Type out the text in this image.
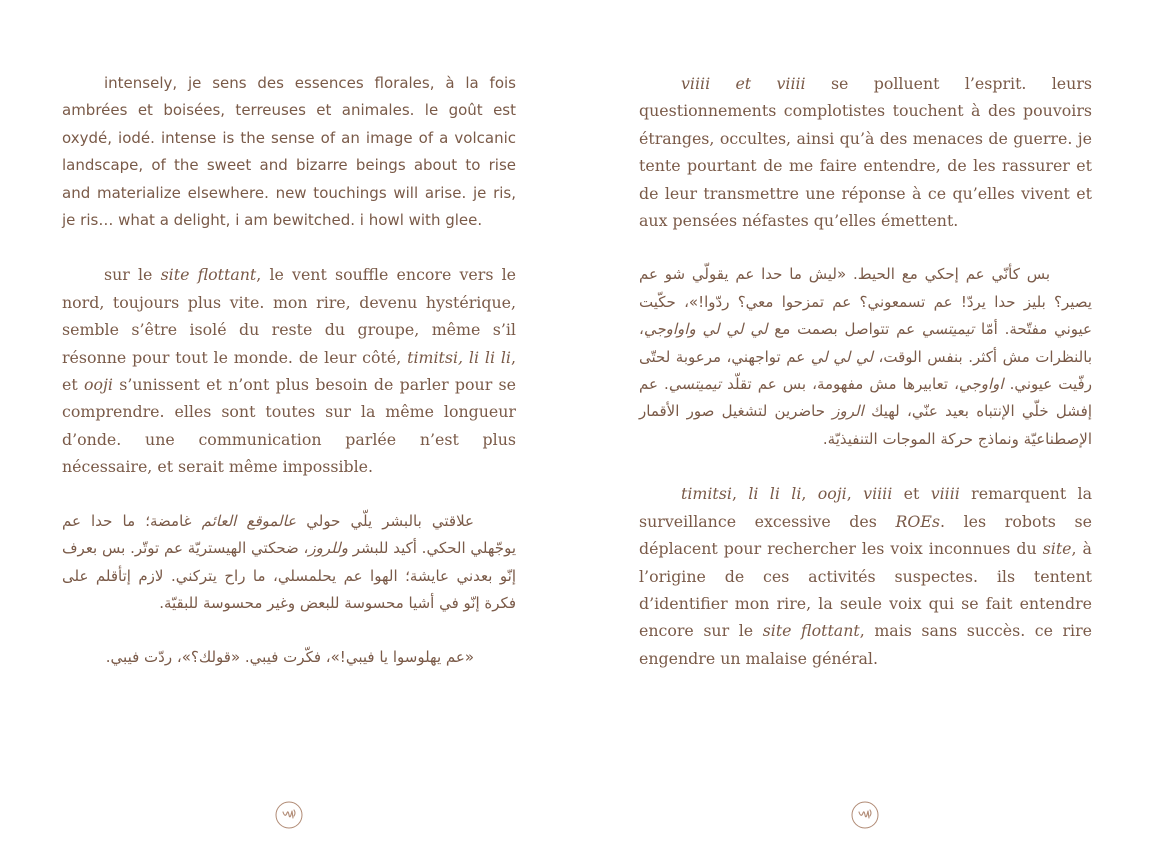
intensely, je sens des essences florales, à la fois ambrées et boisées, terreuses et animales. le goût est oxydé, iodé. intense is the sense of an image of a volcanic landscape, of the sweet and bizarre beings about to rise and materialize elsewhere. new touchings will arise. je ris, je ris… what a delight, i am bewitched. i howl with glee.

sur le site flottant, le vent souffle encore vers le nord, toujours plus vite. mon rire, devenu hystérique, semble s’être isolé du reste du groupe, même s’il résonne pour tout le monde. de leur côté, timitsi, li li li, et ooji s’unissent et n’ont plus besoin de parler pour se comprendre. elles sont toutes sur la même longueur d’onde. une communication parlée n’est plus nécessaire, et serait même impossible.

علاقتي بالبشر يلّي حولي عالموقع العائم غامضة؛ ما حدا عم يوجّهلي الحكي. أكيد للبشر وللروز، ضحكتي الهيستريّة عم توتّر. بس بعرف إنّو بعدني عايشة؛ الهوا عم يحلمسلي، ما راح يتركني. لازم إتأقلم على فكرة إنّو في أشيا محسوسة للبعض وغير محسوسة للبقيّة.

«عم يهلوسوا يا فيبي!»، فكّرت فيبي. «قولك؟»، ردّت فيبي.

viiii et viiii se polluent l’esprit. leurs questionnements complotistes touchent à des pouvoirs étranges, occultes, ainsi qu’à des menaces de guerre. je tente pourtant de me faire entendre, de les rassurer et de leur transmettre une réponse à ce qu’elles vivent et aux pensées néfastes qu’elles émettent.

بس كأنّي عم إحكي مع الحيط. «ليش ما حدا عم يقولّي شو عم يصير؟ بليز حدا يردّ! عم تسمعوني؟ عم تمزحوا معي؟ ردّوا!»، حكّيت عيوني مفتّحة. أمّا تيميتسي عم تتواصل بصمت مع لي لي لي واواوجي، بالنظرات مش أكثر. بنفس الوقت، لي لي لي عم تواجهني، مرعوبة لحتّى رفّيت عيوني. اواوجي، تعابيرها مش مفهومة، بس عم تقلّد تيميتسي. عم إفشل خلّي الإنتباه بعيد عنّي، لهيك الروز حاضرين لتشغيل صور الأقمار الإصطناعيّة ونماذج حركة الموجات التنفيذيّة.

timitsi, li li li, ooji, viiii et viiii remarquent la surveillance excessive des ROEs. les robots se déplacent pour rechercher les voix inconnues du site, à l’origine de ces activités suspectes. ils tentent d’identifier mon rire, la seule voix qui se fait entendre encore sur le site flottant, mais sans succès. ce rire engendre un malaise général.
